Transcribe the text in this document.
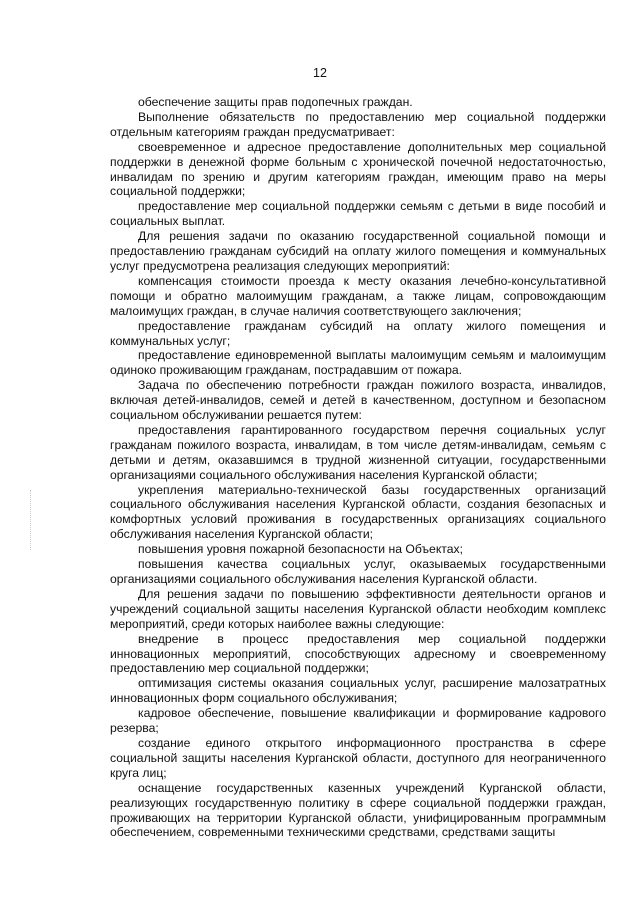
12

обеспечение защиты прав подопечных граждан.

Выполнение обязательств по предоставлению мер социальной поддержки отдельным категориям граждан предусматривает:

своевременное и адресное предоставление дополнительных мер социальной поддержки в денежной форме больным с хронической почечной недостаточностью, инвалидам по зрению и другим категориям граждан, имеющим право на меры социальной поддержки;

предоставление мер социальной поддержки семьям с детьми в виде пособий и социальных выплат.

Для решения задачи по оказанию государственной социальной помощи и предоставлению гражданам субсидий на оплату жилого помещения и коммунальных услуг предусмотрена реализация следующих мероприятий:

компенсация стоимости проезда к месту оказания лечебно-консультативной помощи и обратно малоимущим гражданам, а также лицам, сопровождающим малоимущих граждан, в случае наличия соответствующего заключения;

предоставление гражданам субсидий на оплату жилого помещения и коммунальных услуг;

предоставление единовременной выплаты малоимущим семьям и малоимущим одиноко проживающим гражданам, пострадавшим от пожара.

Задача по обеспечению потребности граждан пожилого возраста, инвалидов, включая детей-инвалидов, семей и детей в качественном, доступном и безопасном социальном обслуживании решается путем:

предоставления гарантированного государством перечня социальных услуг гражданам пожилого возраста, инвалидам, в том числе детям-инвалидам, семьям с детьми и детям, оказавшимся в трудной жизненной ситуации, государственными организациями социального обслуживания населения Курганской области;

укрепления материально-технической базы государственных организаций социального обслуживания населения Курганской области, создания безопасных и комфортных условий проживания в государственных организациях социального обслуживания населения Курганской области;

повышения уровня пожарной безопасности на Объектах;

повышения качества социальных услуг, оказываемых государственными организациями социального обслуживания населения Курганской области.

Для решения задачи по повышению эффективности деятельности органов и учреждений социальной защиты населения Курганской области необходим комплекс мероприятий, среди которых наиболее важны следующие:

внедрение в процесс предоставления мер социальной поддержки инновационных мероприятий, способствующих адресному и своевременному предоставлению мер социальной поддержки;

оптимизация системы оказания социальных услуг, расширение малозатратных инновационных форм социального обслуживания;

кадровое обеспечение, повышение квалификации и формирование кадрового резерва;

создание единого открытого информационного пространства в сфере социальной защиты населения Курганской области, доступного для неограниченного круга лиц;

оснащение государственных казенных учреждений Курганской области, реализующих государственную политику в сфере социальной поддержки граждан, проживающих на территории Курганской области, унифицированным программным обеспечением, современными техническими средствами, средствами защиты
